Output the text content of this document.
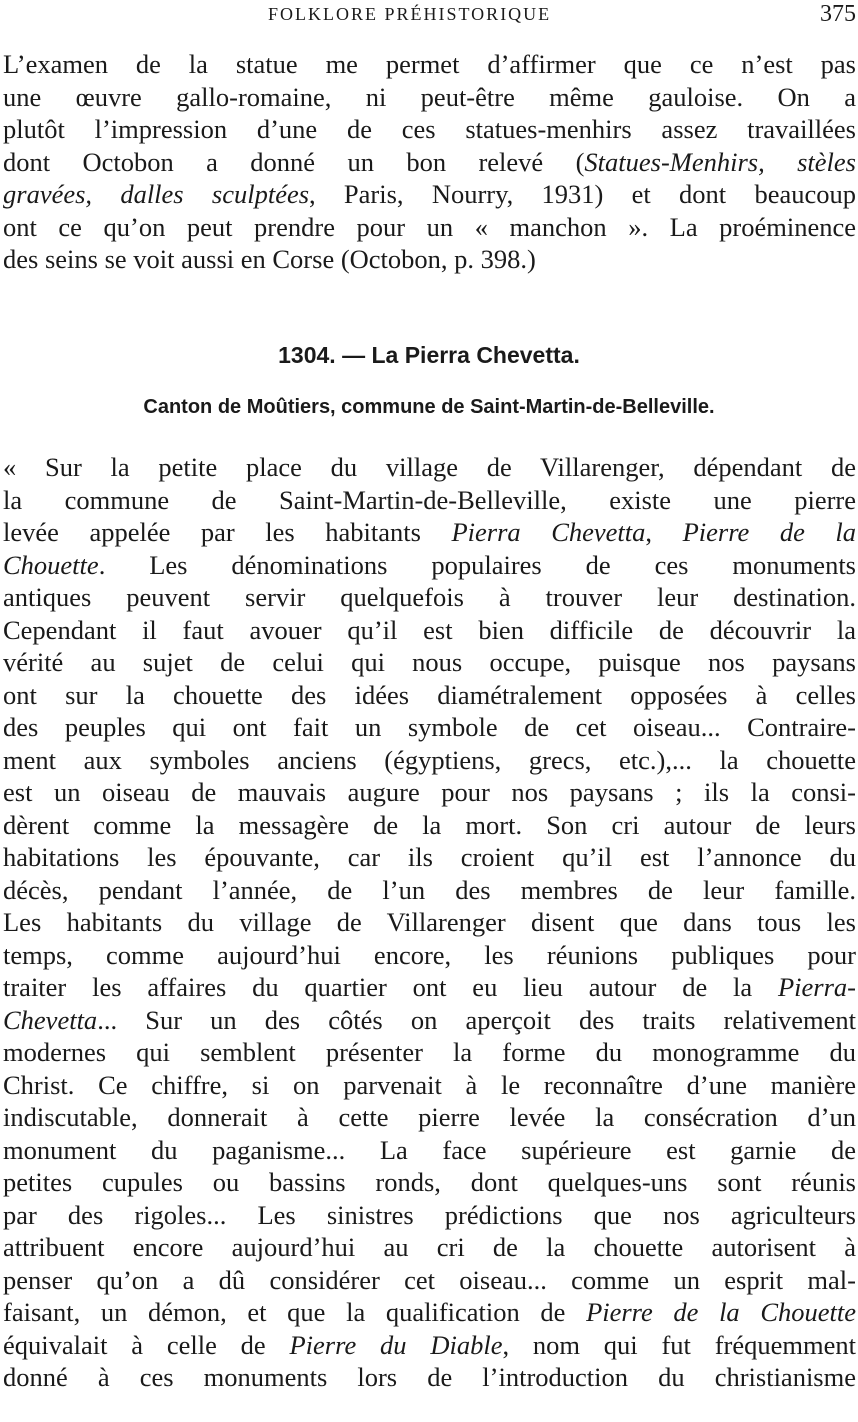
FOLKLORE PRÉHISTORIQUE	375

L’examen de la statue me permet d’affirmer que ce n’est pas
une œuvre gallo-romaine, ni peut-être même gauloise. On a
plutôt l’impression d’une de ces statues-menhirs assez travaillées
dont Octobon a donné un bon relevé (Statues-Menhirs, stèles
gravées, dalles sculptées, Paris, Nourry, 1931) et dont beaucoup
ont ce qu’on peut prendre pour un « manchon ». La proéminence
des seins se voit aussi en Corse (Octobon, p. 398.)

1304. — La Pierra Chevetta.
Canton de Moûtiers, commune de Saint-Martin-de-Belleville.

« Sur la petite place du village de Villarenger, dépendant de
la commune de Saint-Martin-de-Belleville, existe une pierre
levée appelée par les habitants Pierra Chevetta, Pierre de la
Chouette. Les dénominations populaires de ces monuments
antiques peuvent servir quelquefois à trouver leur destination.
Cependant il faut avouer qu’il est bien difficile de découvrir la
vérité au sujet de celui qui nous occupe, puisque nos paysans
ont sur la chouette des idées diamétralement opposées à celles
des peuples qui ont fait un symbole de cet oiseau... Contraire-
ment aux symboles anciens (égyptiens, grecs, etc.),... la chouette
est un oiseau de mauvais augure pour nos paysans ; ils la consi-
dèrent comme la messagère de la mort. Son cri autour de leurs
habitations les épouvante, car ils croient qu’il est l’annonce du
décès, pendant l’année, de l’un des membres de leur famille.
Les habitants du village de Villarenger disent que dans tous les
temps, comme aujourd’hui encore, les réunions publiques pour
traiter les affaires du quartier ont eu lieu autour de la Pierra-
Chevetta... Sur un des côtés on aperçoit des traits relativement
modernes qui semblent présenter la forme du monogramme du
Christ. Ce chiffre, si on parvenait à le reconnaître d’une manière
indiscutable, donnerait à cette pierre levée la consécration d’un
monument du paganisme... La face supérieure est garnie de
petites cupules ou bassins ronds, dont quelques-uns sont réunis
par des rigoles... Les sinistres prédictions que nos agriculteurs
attribuent encore aujourd’hui au cri de la chouette autorisent à
penser qu’on a dû considérer cet oiseau... comme un esprit mal-
faisant, un démon, et que la qualification de Pierre de la Chouette
équivalait à celle de Pierre du Diable, nom qui fut fréquemment
donné à ces monuments lors de l’introduction du christianisme
